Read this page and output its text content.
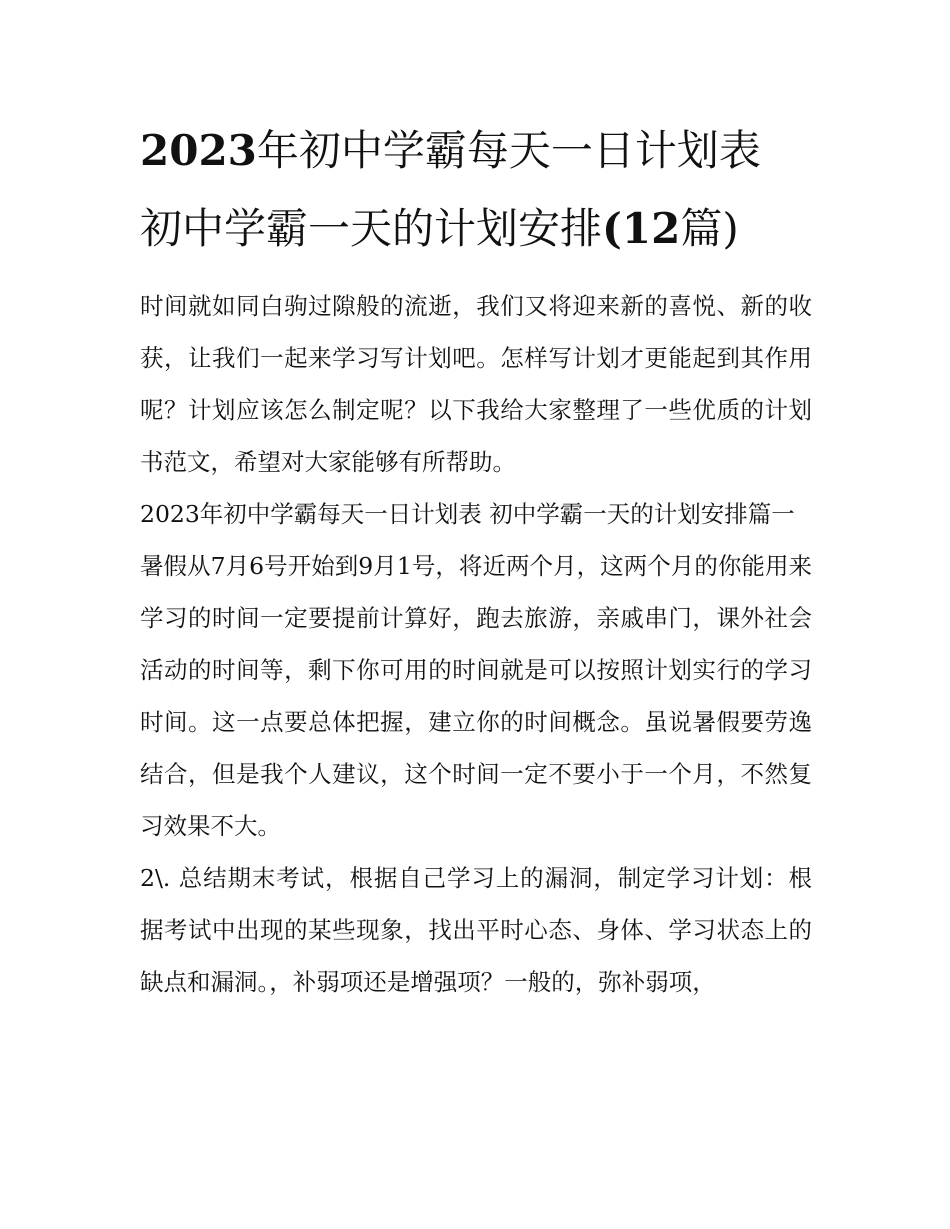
2023年初中学霸每天一日计划表 初中学霸一天的计划安排(12篇)

时间就如同白驹过隙般的流逝，我们又将迎来新的喜悦、新的收获，让我们一起来学习写计划吧。怎样写计划才更能起到其作用呢？计划应该怎么制定呢？以下我给大家整理了一些优质的计划书范文，希望对大家能够有所帮助。

2023年初中学霸每天一日计划表 初中学霸一天的计划安排篇一

暑假从7月6号开始到9月1号，将近两个月，这两个月的你能用来学习的时间一定要提前计算好，跑去旅游，亲戚串门，课外社会活动的时间等，剩下你可用的时间就是可以按照计划实行的学习时间。这一点要总体把握，建立你的时间概念。虽说暑假要劳逸结合，但是我个人建议，这个时间一定不要小于一个月，不然复习效果不大。

2\. 总结期末考试，根据自己学习上的漏洞，制定学习计划：根据考试中出现的某些现象，找出平时心态、身体、学习状态上的缺点和漏洞。，补弱项还是增强项？一般的，弥补弱项，
